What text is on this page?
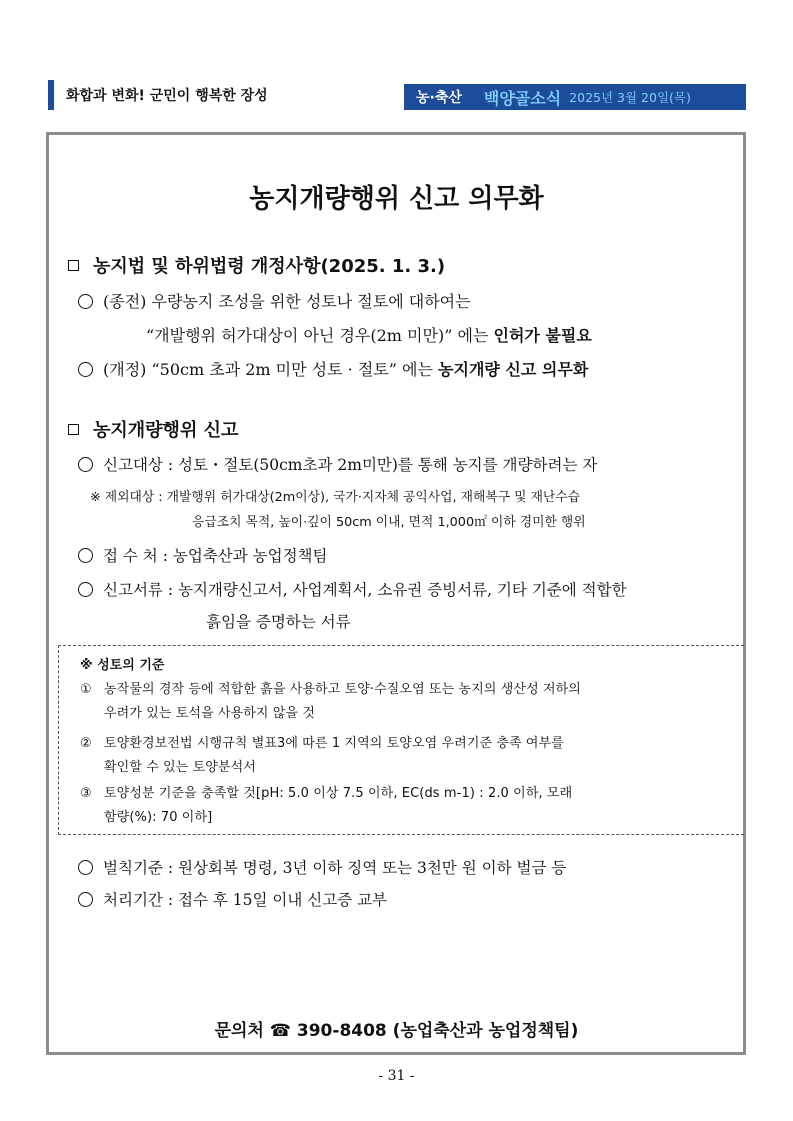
화합과 변화! 군민이 행복한 장성	농·축산 백양골소식 2025년 3월 20일(목)
농지개량행위 신고 의무화
농지법 및 하위법령 개정사항(2025. 1. 3.)
(종전) 우량농지 조성을 위한 성토나 절토에 대하여는
“개발행위 허가대상이 아닌 경우(2m 미만)” 에는 인허가 불필요
(개정) “50cm 초과 2m 미만 성토 · 절토” 에는 농지개량 신고 의무화
농지개량행위 신고
신고대상 : 성토・절토(50cm초과 2m미만)를 통해 농지를 개량하려는 자
※ 제외대상 : 개발행위 허가대상(2m이상), 국가·지자체 공익사업, 재해복구 및 재난수습
응급조치 목적, 높이·깊이 50cm 이내, 면적 1,000㎡ 이하 경미한 행위
접 수 처 : 농업축산과 농업정책팀
신고서류 : 농지개량신고서, 사업계획서, 소유권 증빙서류, 기타 기준에 적합한
흙임을 증명하는 서류
※ 성토의 기준
① 농작물의 경작 등에 적합한 흙을 사용하고 토양·수질오염 또는 농지의 생산성 저하의
우려가 있는 토석을 사용하지 않을 것
② 토양환경보전법 시행규칙 별표3에 따른 1 지역의 토양오염 우려기준 충족 여부를
확인할 수 있는 토양분석서
③ 토양성분 기준을 충족할 것[pH: 5.0 이상 7.5 이하, EC(ds m-1) : 2.0 이하, 모래
함량(%): 70 이하]
벌칙기준 : 원상회복 명령, 3년 이하 징역 또는 3천만 원 이하 벌금 등
처리기간 : 접수 후 15일 이내 신고증 교부
문의처 ☎ 390-8408 (농업축산과 농업정책팀)
- 31 -
